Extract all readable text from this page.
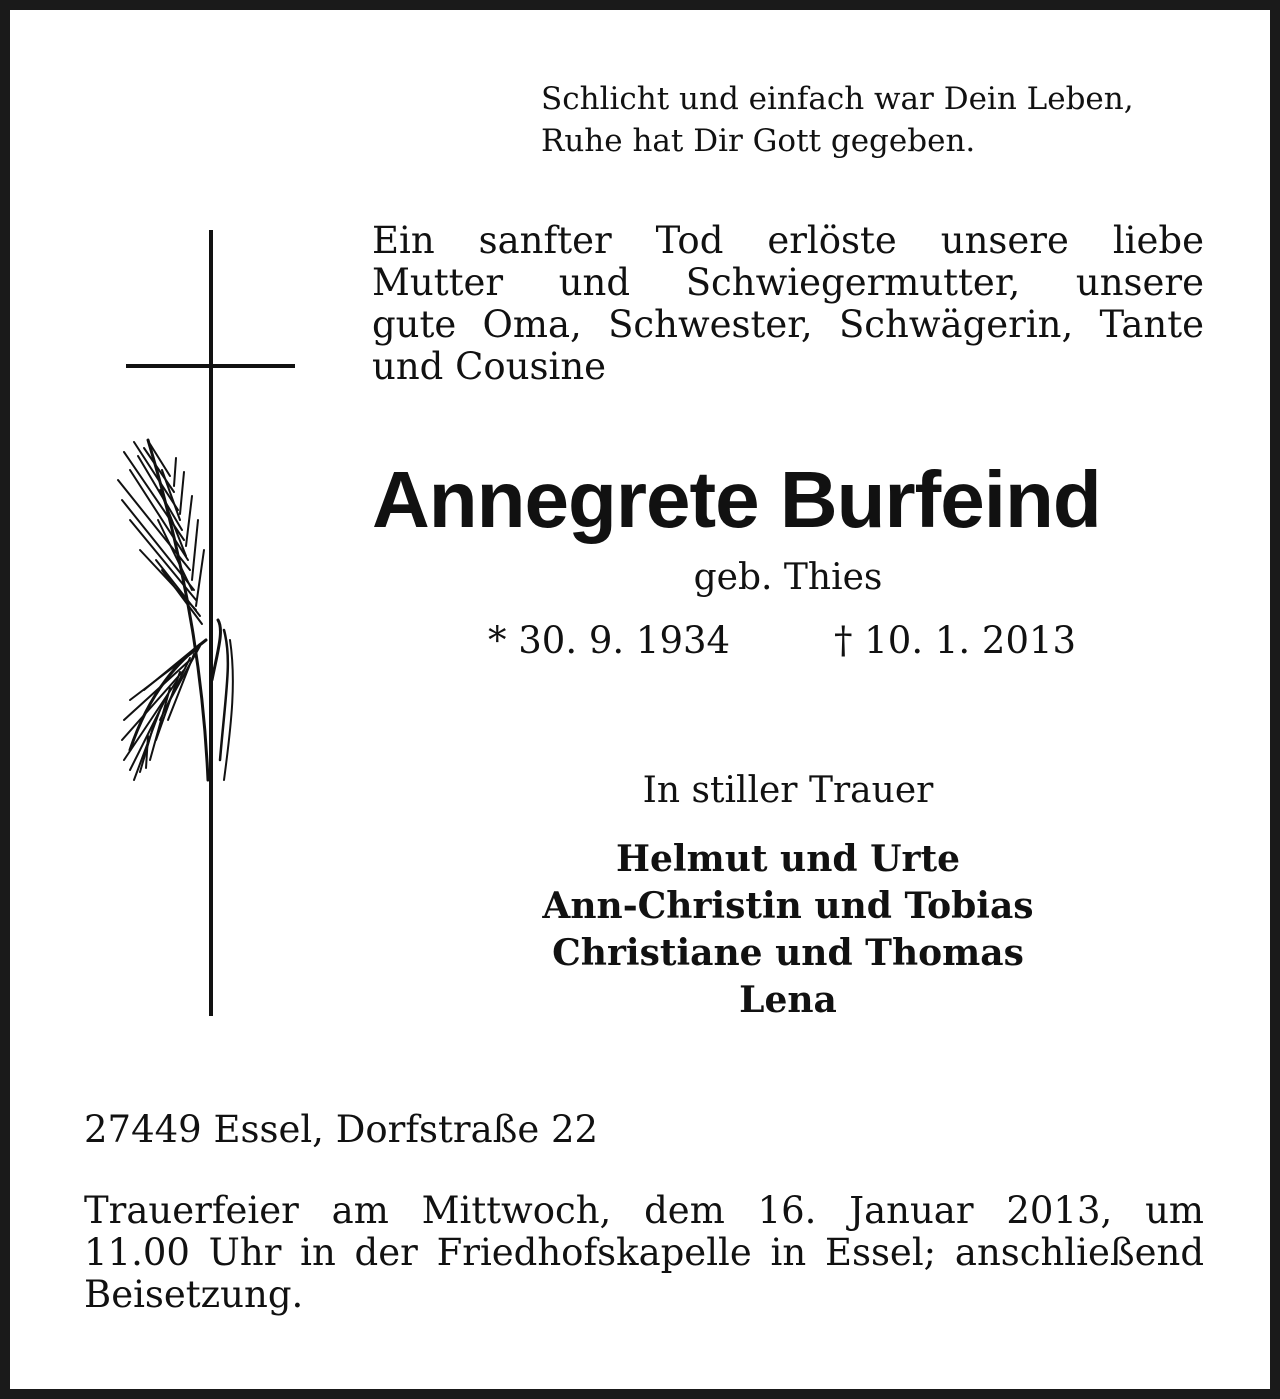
Schlicht und einfach war Dein Leben,
Ruhe hat Dir Gott gegeben.
Ein sanfter Tod erlöste unsere liebe
Mutter und Schwiegermutter, unsere
gute Oma, Schwester, Schwägerin, Tante
und Cousine
Annegrete Burfeind
geb. Thies
* 30. 9. 1934	† 10. 1. 2013
In stiller Trauer
Helmut und Urte
Ann-Christin und Tobias
Christiane und Thomas
Lena
27449 Essel, Dorfstraße 22
Trauerfeier am Mittwoch, dem 16. Januar 2013, um
11.00 Uhr in der Friedhofskapelle in Essel; anschließend
Beisetzung.
